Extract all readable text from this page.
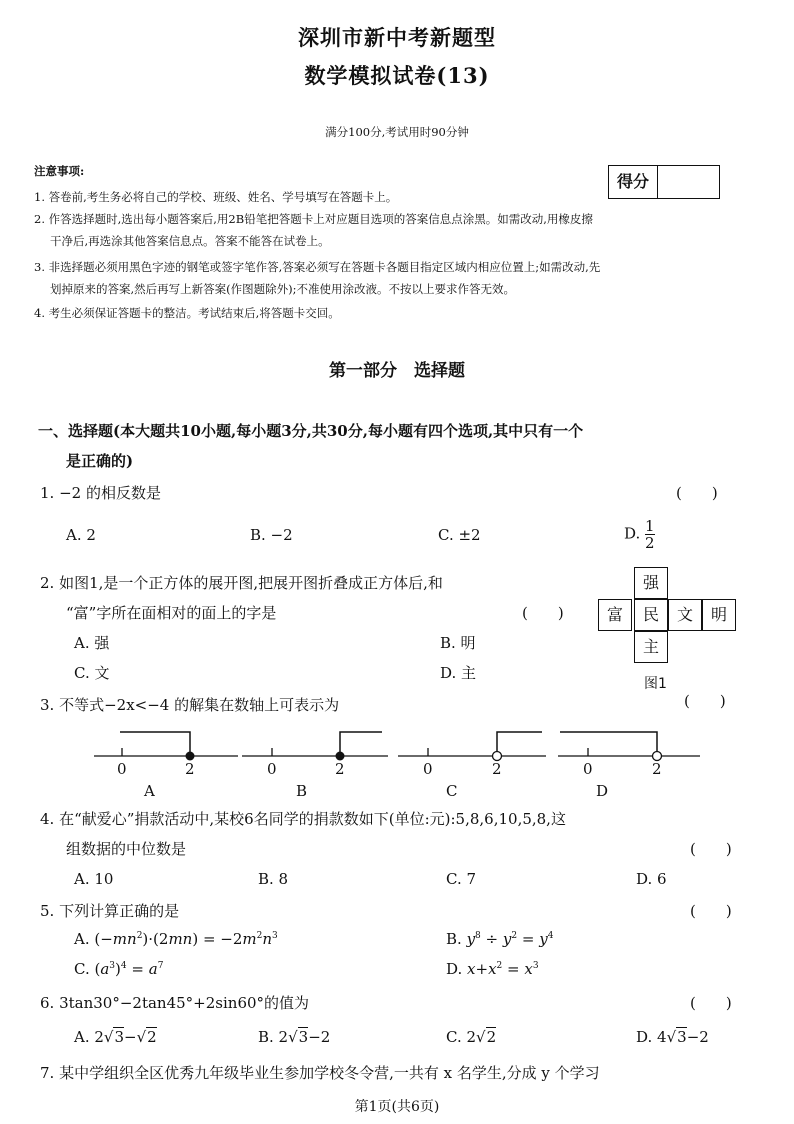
深圳市新中考新题型
数学模拟试卷(13)
满分100分,考试用时90分钟
得分
注意事项:
1. 答卷前,考生务必将自己的学校、班级、姓名、学号填写在答题卡上。
2. 作答选择题时,选出每小题答案后,用2B铅笔把答题卡上对应题目选项的答案信息点涂黑。如需改动,用橡皮擦
干净后,再选涂其他答案信息点。答案不能答在试卷上。
3. 非选择题必须用黑色字迹的钢笔或签字笔作答,答案必须写在答题卡各题目指定区域内相应位置上;如需改动,先
划掉原来的答案,然后再写上新答案(作图题除外);不准使用涂改液。不按以上要求作答无效。
4. 考生必须保证答题卡的整洁。考试结束后,将答题卡交回。
第一部分　选择题
一、选择题(本大题共10小题,每小题3分,共30分,每小题有四个选项,其中只有一个
是正确的)
1. −2 的相反数是	(　　)
A. 2	B. −2	C. ±2	D. $\frac{1}{2}$
2. 如图1,是一个正方体的展开图,把展开图折叠成正方体后,和
“富”字所在面相对的面上的字是	(　　)
A. 强	B. 明
C. 文	D. 主
强
富	民	文	明
主
图1
3. 不等式−2x<−4 的解集在数轴上可表示为	(　　)
0	2	0	2	0	2	0	2
A	B	C	D
4. 在“献爱心”捐款活动中,某校6名同学的捐款数如下(单位:元):5,8,6,10,5,8,这
组数据的中位数是	(　　)
A. 10	B. 8	C. 7	D. 6
5. 下列计算正确的是	(　　)
A. $(-mn^2)\cdot(2mn) = -2m^2n^3$	B. $y^8 \div y^2 = y^4$
C. $(a^3)^4 = a^7$	D. $x+x^2 = x^3$
6. 3tan30°−2tan45°+2sin60°的值为	(　　)
A. 2√3−√2	B. 2√3−2	C. 2√2	D. 4√3−2
7. 某中学组织全区优秀九年级毕业生参加学校冬令营,一共有 x 名学生,分成 y 个学习
第1页(共6页)
